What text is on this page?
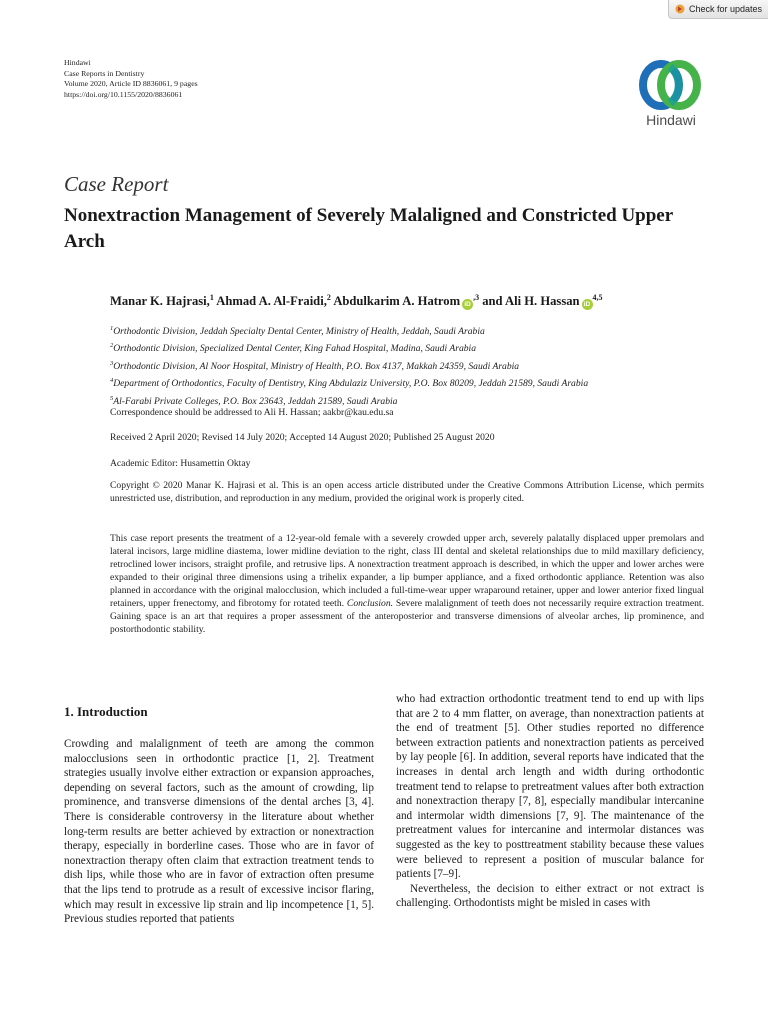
Check for updates
Hindawi
Case Reports in Dentistry
Volume 2020, Article ID 8836061, 9 pages
https://doi.org/10.1155/2020/8836061
Hindawi
Case Report
Nonextraction Management of Severely Malaligned and Constricted Upper Arch
Manar K. Hajrasi,$^1$ Ahmad A. Al-Fraidi,$^2$ Abdulkarim A. Hatrom $iD^{,3}$ and Ali H. Hassan iD$^{4,5}$
$^1$Orthodontic Division, Jeddah Specialty Dental Center, Ministry of Health, Jeddah, Saudi Arabia
$^2$Orthodontic Division, Specialized Dental Center, King Fahad Hospital, Madina, Saudi Arabia
$^3$Orthodontic Division, Al Noor Hospital, Ministry of Health, P.O. Box 4137, Makkah 24359, Saudi Arabia
$^4$Department of Orthodontics, Faculty of Dentistry, King Abdulaziz University, P.O. Box 80209, Jeddah 21589, Saudi Arabia
$^5$Al-Farabi Private Colleges, P.O. Box 23643, Jeddah 21589, Saudi Arabia
Correspondence should be addressed to Ali H. Hassan; aakbr@kau.edu.sa
Received 2 April 2020; Revised 14 July 2020; Accepted 14 August 2020; Published 25 August 2020
Academic Editor: Husamettin Oktay
Copyright © 2020 Manar K. Hajrasi et al. This is an open access article distributed under the Creative Commons Attribution License, which permits unrestricted use, distribution, and reproduction in any medium, provided the original work is properly cited.
This case report presents the treatment of a 12-year-old female with a severely crowded upper arch, severely palatally displaced upper premolars and lateral incisors, large midline diastema, lower midline deviation to the right, class III dental and skeletal relationships due to mild maxillary deficiency, retroclined lower incisors, straight profile, and retrusive lips. A nonextraction treatment approach is described, in which the upper and lower arches were expanded to their original three dimensions using a trihelix expander, a lip bumper appliance, and a fixed orthodontic appliance. Retention was also planned in accordance with the original malocclusion, which included a full-time-wear upper wraparound retainer, upper and lower anterior fixed lingual retainers, upper frenectomy, and fibrotomy for rotated teeth. Conclusion. Severe malalignment of teeth does not necessarily require extraction treatment. Gaining space is an art that requires a proper assessment of the anteroposterior and transverse dimensions of alveolar arches, lip prominence, and postorthodontic stability.
1. Introduction

Crowding and malalignment of teeth are among the common malocclusions seen in orthodontic practice [1, 2]. Treatment strategies usually involve either extraction or expansion approaches, depending on several factors, such as the amount of crowding, lip prominence, and transverse dimensions of the dental arches [3, 4]. There is considerable controversy in the literature about whether long-term results are better achieved by extraction or nonextraction therapy, especially in borderline cases. Those who are in favor of nonextraction therapy often claim that extraction treatment tends to dish lips, while those who are in favor of extraction often presume that the lips tend to protrude as a result of excessive incisor flaring, which may result in excessive lip strain and lip incompetence [1, 5]. Previous studies reported that patients

who had extraction orthodontic treatment tend to end up with lips that are 2 to 4 mm flatter, on average, than nonextraction patients at the end of treatment [5]. Other studies reported no difference between extraction patients and nonextraction patients as perceived by lay people [6]. In addition, several reports have indicated that the increases in dental arch length and width during orthodontic treatment tend to relapse to pretreatment values after both extraction and nonextraction therapy [7, 8], especially mandibular intercanine and intermolar width dimensions [7, 9]. The maintenance of the pretreatment values for intercanine and intermolar distances was suggested as the key to posttreatment stability because these values were believed to represent a position of muscular balance for patients [7–9].

Nevertheless, the decision to either extract or not extract is challenging. Orthodontists might be misled in cases with
